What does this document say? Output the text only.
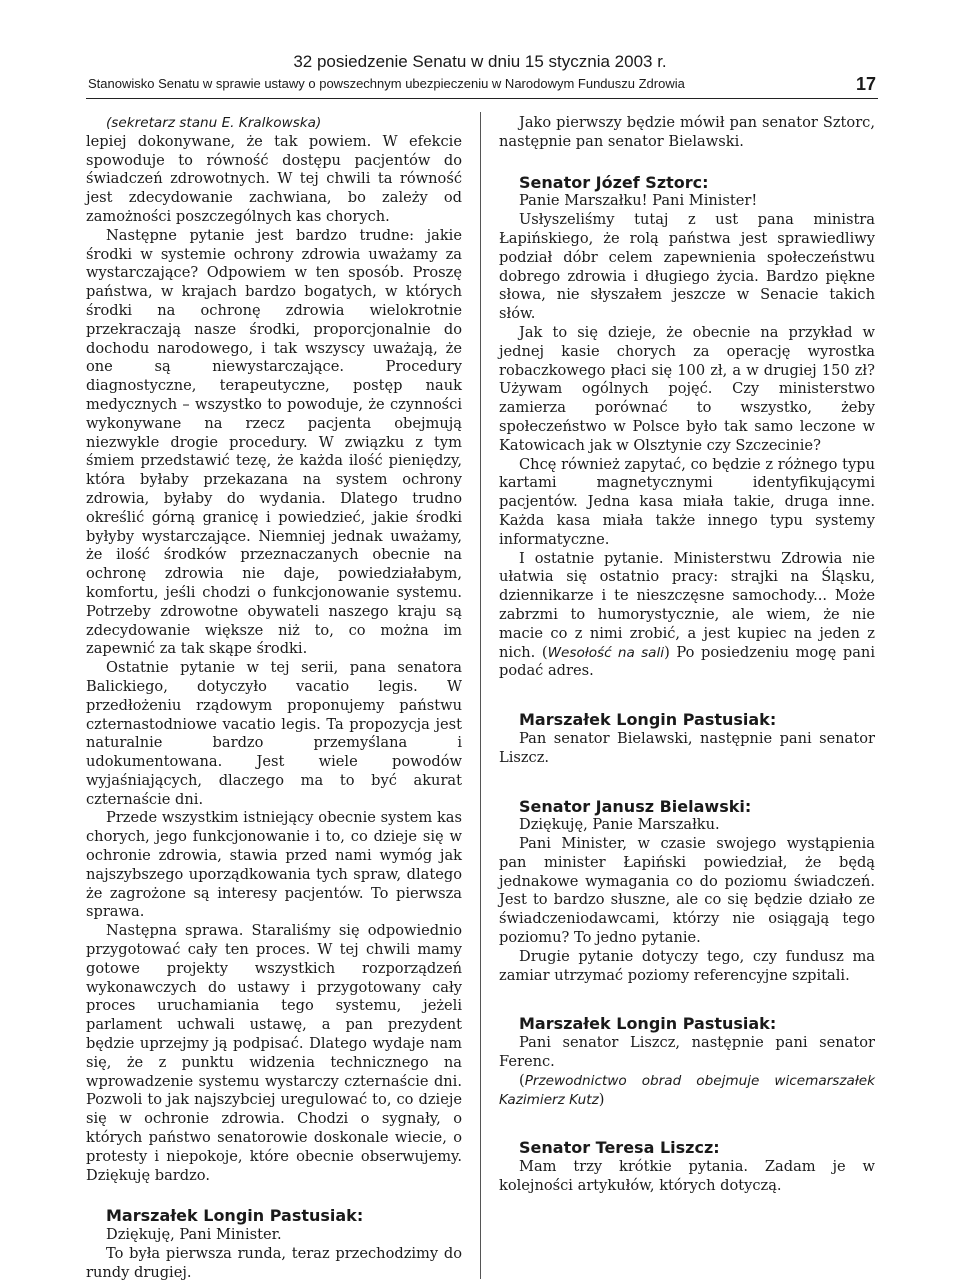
32 posiedzenie Senatu w dniu 15 stycznia 2003 r.
Stanowisko Senatu w sprawie ustawy o powszechnym ubezpieczeniu w Narodowym Funduszu Zdrowia	17

(sekretarz stanu E. Kralkowska)

lepiej dokonywane, że tak powiem. W efekcie spowoduje to równość dostępu pacjentów do świadczeń zdrowotnych. W tej chwili ta równość jest zdecydowanie zachwiana, bo zależy od zamożności poszczególnych kas chorych.

Następne pytanie jest bardzo trudne: jakie środki w systemie ochrony zdrowia uważamy za wystarczające? Odpowiem w ten sposób. Proszę państwa, w krajach bardzo bogatych, w których środki na ochronę zdrowia wielokrotnie przekraczają nasze środki, proporcjonalnie do dochodu narodowego, i tak wszyscy uważają, że one są niewystarczające. Procedury diagnostyczne, terapeutyczne, postęp nauk medycznych – wszystko to powoduje, że czynności wykonywane na rzecz pacjenta obejmują niezwykle drogie procedury. W związku z tym śmiem przedstawić tezę, że każda ilość pieniędzy, która byłaby przekazana na system ochrony zdrowia, byłaby do wydania. Dlatego trudno określić górną granicę i powiedzieć, jakie środki byłyby wystarczające. Niemniej jednak uważamy, że ilość środków przeznaczanych obecnie na ochronę zdrowia nie daje, powiedziałabym, komfortu, jeśli chodzi o funkcjonowanie systemu. Potrzeby zdrowotne obywateli naszego kraju są zdecydowanie większe niż to, co można im zapewnić za tak skąpe środki.

Ostatnie pytanie w tej serii, pana senatora Balickiego, dotyczyło vacatio legis. W przedłożeniu rządowym proponujemy państwu czternastodniowe vacatio legis. Ta propozycja jest naturalnie bardzo przemyślana i udokumentowana. Jest wiele powodów wyjaśniających, dlaczego ma to być akurat czternaście dni.

Przede wszystkim istniejący obecnie system kas chorych, jego funkcjonowanie i to, co dzieje się w ochronie zdrowia, stawia przed nami wymóg jak najszybszego uporządkowania tych spraw, dlatego że zagrożone są interesy pacjentów. To pierwsza sprawa.

Następna sprawa. Staraliśmy się odpowiednio przygotować cały ten proces. W tej chwili mamy gotowe projekty wszystkich rozporządzeń wykonawczych do ustawy i przygotowany cały proces uruchamiania tego systemu, jeżeli parlament uchwali ustawę, a pan prezydent będzie uprzejmy ją podpisać. Dlatego wydaje nam się, że z punktu widzenia technicznego na wprowadzenie systemu wystarczy czternaście dni. Pozwoli to jak najszybciej uregulować to, co dzieje się w ochronie zdrowia. Chodzi o sygnały, o których państwo senatorowie doskonale wiecie, o protesty i niepokoje, które obecnie obserwujemy. Dziękuję bardzo.

Marszałek Longin Pastusiak:

Dziękuję, Pani Minister.

To była pierwsza runda, teraz przechodzimy do rundy drugiej.

Jako pierwszy będzie mówił pan senator Sztorc, następnie pan senator Bielawski.

Senator Józef Sztorc:

Panie Marszałku! Pani Minister!

Usłyszeliśmy tutaj z ust pana ministra Łapińskiego, że rolą państwa jest sprawiedliwy podział dóbr celem zapewnienia społeczeństwu dobrego zdrowia i długiego życia. Bardzo piękne słowa, nie słyszałem jeszcze w Senacie takich słów.

Jak to się dzieje, że obecnie na przykład w jednej kasie chorych za operację wyrostka robaczkowego płaci się 100 zł, a w drugiej 150 zł? Używam ogólnych pojęć. Czy ministerstwo zamierza porównać to wszystko, żeby społeczeństwo w Polsce było tak samo leczone w Katowicach jak w Olsztynie czy Szczecinie?

Chcę również zapytać, co będzie z różnego typu kartami magnetycznymi identyfikującymi pacjentów. Jedna kasa miała takie, druga inne. Każda kasa miała także innego typu systemy informatyczne.

I ostatnie pytanie. Ministerstwu Zdrowia nie ułatwia się ostatnio pracy: strajki na Śląsku, dziennikarze i te nieszczęsne samochody... Może zabrzmi to humorystycznie, ale wiem, że nie macie co z nimi zrobić, a jest kupiec na jeden z nich. (Wesołość na sali) Po posiedzeniu mogę pani podać adres.

Marszałek Longin Pastusiak:

Pan senator Bielawski, następnie pani senator Liszcz.

Senator Janusz Bielawski:

Dziękuję, Panie Marszałku.

Pani Minister, w czasie swojego wystąpienia pan minister Łapiński powiedział, że będą jednakowe wymagania co do poziomu świadczeń. Jest to bardzo słuszne, ale co się będzie działo ze świadczeniodawcami, którzy nie osiągają tego poziomu? To jedno pytanie.

Drugie pytanie dotyczy tego, czy fundusz ma zamiar utrzymać poziomy referencyjne szpitali.

Marszałek Longin Pastusiak:

Pani senator Liszcz, następnie pani senator Ferenc.

(Przewodnictwo obrad obejmuje wicemarszałek Kazimierz Kutz)

Senator Teresa Liszcz:

Mam trzy krótkie pytania. Zadam je w kolejności artykułów, których dotyczą.
